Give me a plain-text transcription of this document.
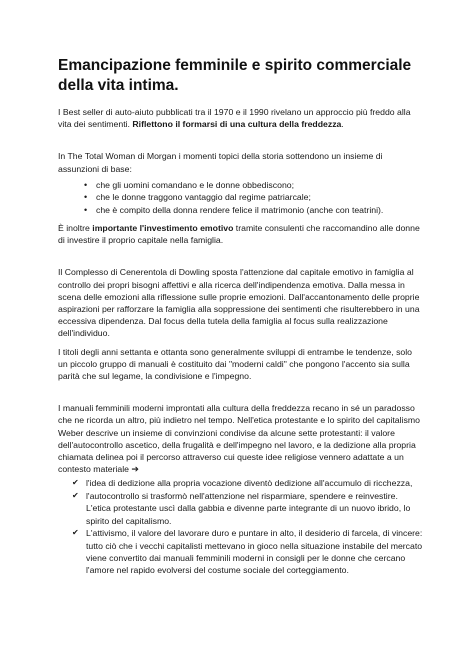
Emancipazione femminile e spirito commerciale della vita intima.

I Best seller di auto-aiuto pubblicati tra il 1970 e il 1990 rivelano un approccio più freddo alla vita dei sentimenti. Riflettono il formarsi di una cultura della freddezza.

In The Total Woman di Morgan i momenti topici della storia sottendono un insieme di assunzioni di base:

• che gli uomini comandano e le donne obbediscono;
• che le donne traggono vantaggio dal regime patriarcale;
• che è compito della donna rendere felice il matrimonio (anche con teatrini).

È inoltre importante l'investimento emotivo tramite consulenti che raccomandino alle donne di investire il proprio capitale nella famiglia.

Il Complesso di Cenerentola di Dowling sposta l'attenzione dal capitale emotivo in famiglia al controllo dei propri bisogni affettivi e alla ricerca dell'indipendenza emotiva. Dalla messa in scena delle emozioni alla riflessione sulle proprie emozioni. Dall'accantonamento delle proprie aspirazioni per rafforzare la famiglia alla soppressione dei sentimenti che risulterebbero in una eccessiva dipendenza. Dal focus della tutela della famiglia al focus sulla realizzazione dell'individuo.

I titoli degli anni settanta e ottanta sono generalmente sviluppi di entrambe le tendenze, solo un piccolo gruppo di manuali è costituito dai "moderni caldi" che pongono l'accento sia sulla parità che sul legame, la condivisione e l'impegno.

I manuali femminili moderni improntati alla cultura della freddezza recano in sé un paradosso che ne ricorda un altro, più indietro nel tempo. Nell'etica protestante e lo spirito del capitalismo Weber descrive un insieme di convinzioni condivise da alcune sette protestanti: il valore dell'autocontrollo ascetico, della frugalità e dell'impegno nel lavoro, e la dedizione alla propria chiamata delinea poi il percorso attraverso cui queste idee religiose vennero adattate a un contesto materiale ➔

✔ l'idea di dedizione alla propria vocazione diventò dedizione all'accumulo di ricchezza,
✔ l'autocontrollo si trasformò nell'attenzione nel risparmiare, spendere e reinvestire. L'etica protestante uscì dalla gabbia e divenne parte integrante di un nuovo ibrido, lo spirito del capitalismo.
✔ L'attivismo, il valore del lavorare duro e puntare in alto, il desiderio di farcela, di vincere: tutto ciò che i vecchi capitalisti mettevano in gioco nella situazione instabile del mercato viene convertito dai manuali femminili moderni in consigli per le donne che cercano l'amore nel rapido evolversi del costume sociale del corteggiamento.
